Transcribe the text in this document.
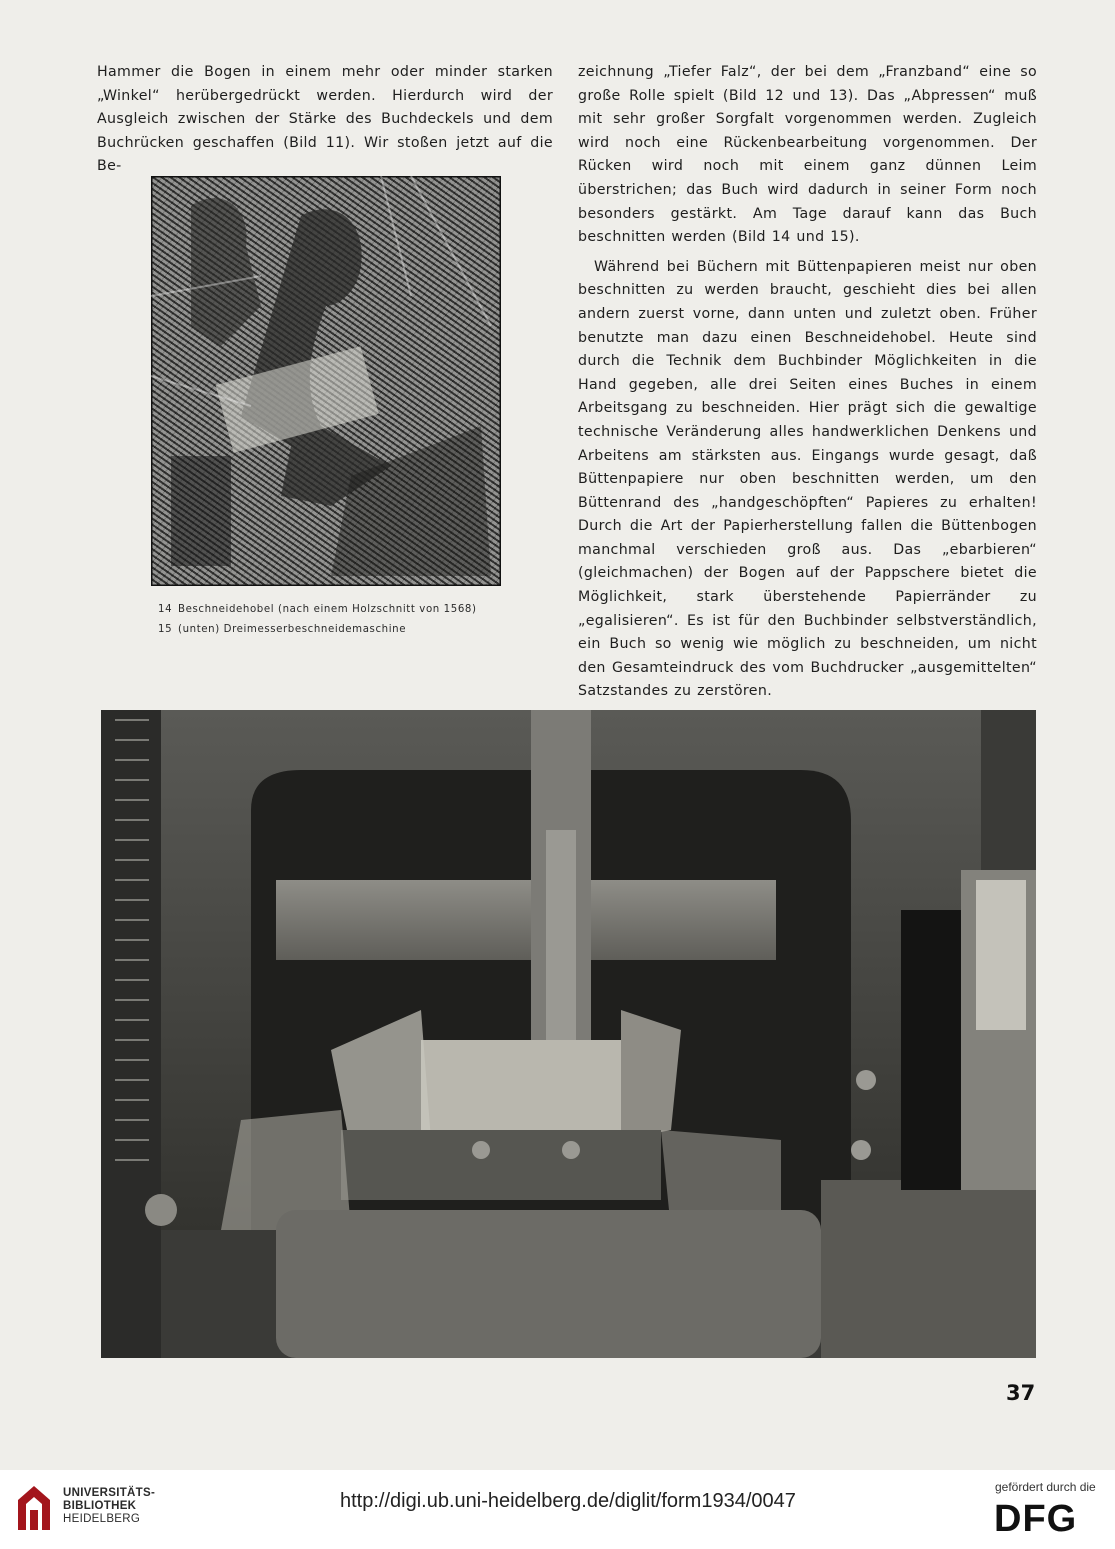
Hammer die Bogen in einem mehr oder minder starken „Winkel“ herübergedrückt werden. Hierdurch wird der Ausgleich zwischen der Stärke des Buchdeckels und dem Buchrücken geschaffen (Bild 11). Wir stoßen jetzt auf die Be-

14 Beschneidehobel (nach einem Holzschnitt von 1568)
15 (unten) Dreimesserbeschneidemaschine

zeichnung „Tiefer Falz“, der bei dem „Franzband“ eine so große Rolle spielt (Bild 12 und 13). Das „Abpressen“ muß mit sehr großer Sorgfalt vorgenommen werden. Zugleich wird noch eine Rückenbearbeitung vorgenommen. Der Rücken wird noch mit einem ganz dünnen Leim überstrichen; das Buch wird dadurch in seiner Form noch besonders gestärkt. Am Tage darauf kann das Buch beschnitten werden (Bild 14 und 15).

Während bei Büchern mit Büttenpapieren meist nur oben beschnitten zu werden braucht, geschieht dies bei allen andern zuerst vorne, dann unten und zuletzt oben. Früher benutzte man dazu einen Beschneidehobel. Heute sind durch die Technik dem Buchbinder Möglichkeiten in die Hand gegeben, alle drei Seiten eines Buches in einem Arbeitsgang zu beschneiden. Hier prägt sich die gewaltige technische Veränderung alles handwerklichen Denkens und Arbeitens am stärksten aus. Eingangs wurde gesagt, daß Büttenpapiere nur oben beschnitten werden, um den Büttenrand des „handgeschöpften“ Papieres zu erhalten! Durch die Art der Papierherstellung fallen die Büttenbogen manchmal verschieden groß aus. Das „ebarbieren“ (gleichmachen) der Bogen auf der Pappschere bietet die Möglichkeit, stark überstehende Papierränder zu „egalisieren“. Es ist für den Buchbinder selbstverständlich, ein Buch so wenig wie möglich zu beschneiden, um nicht den Gesamteindruck des vom Buchdrucker „ausgemittelten“ Satzstandes zu zerstören.

37
UNIVERSITÄTS-
BIBLIOTHEK
HEIDELBERG
http://digi.ub.uni-heidelberg.de/diglit/form1934/0047
gefördert durch die
DFG
